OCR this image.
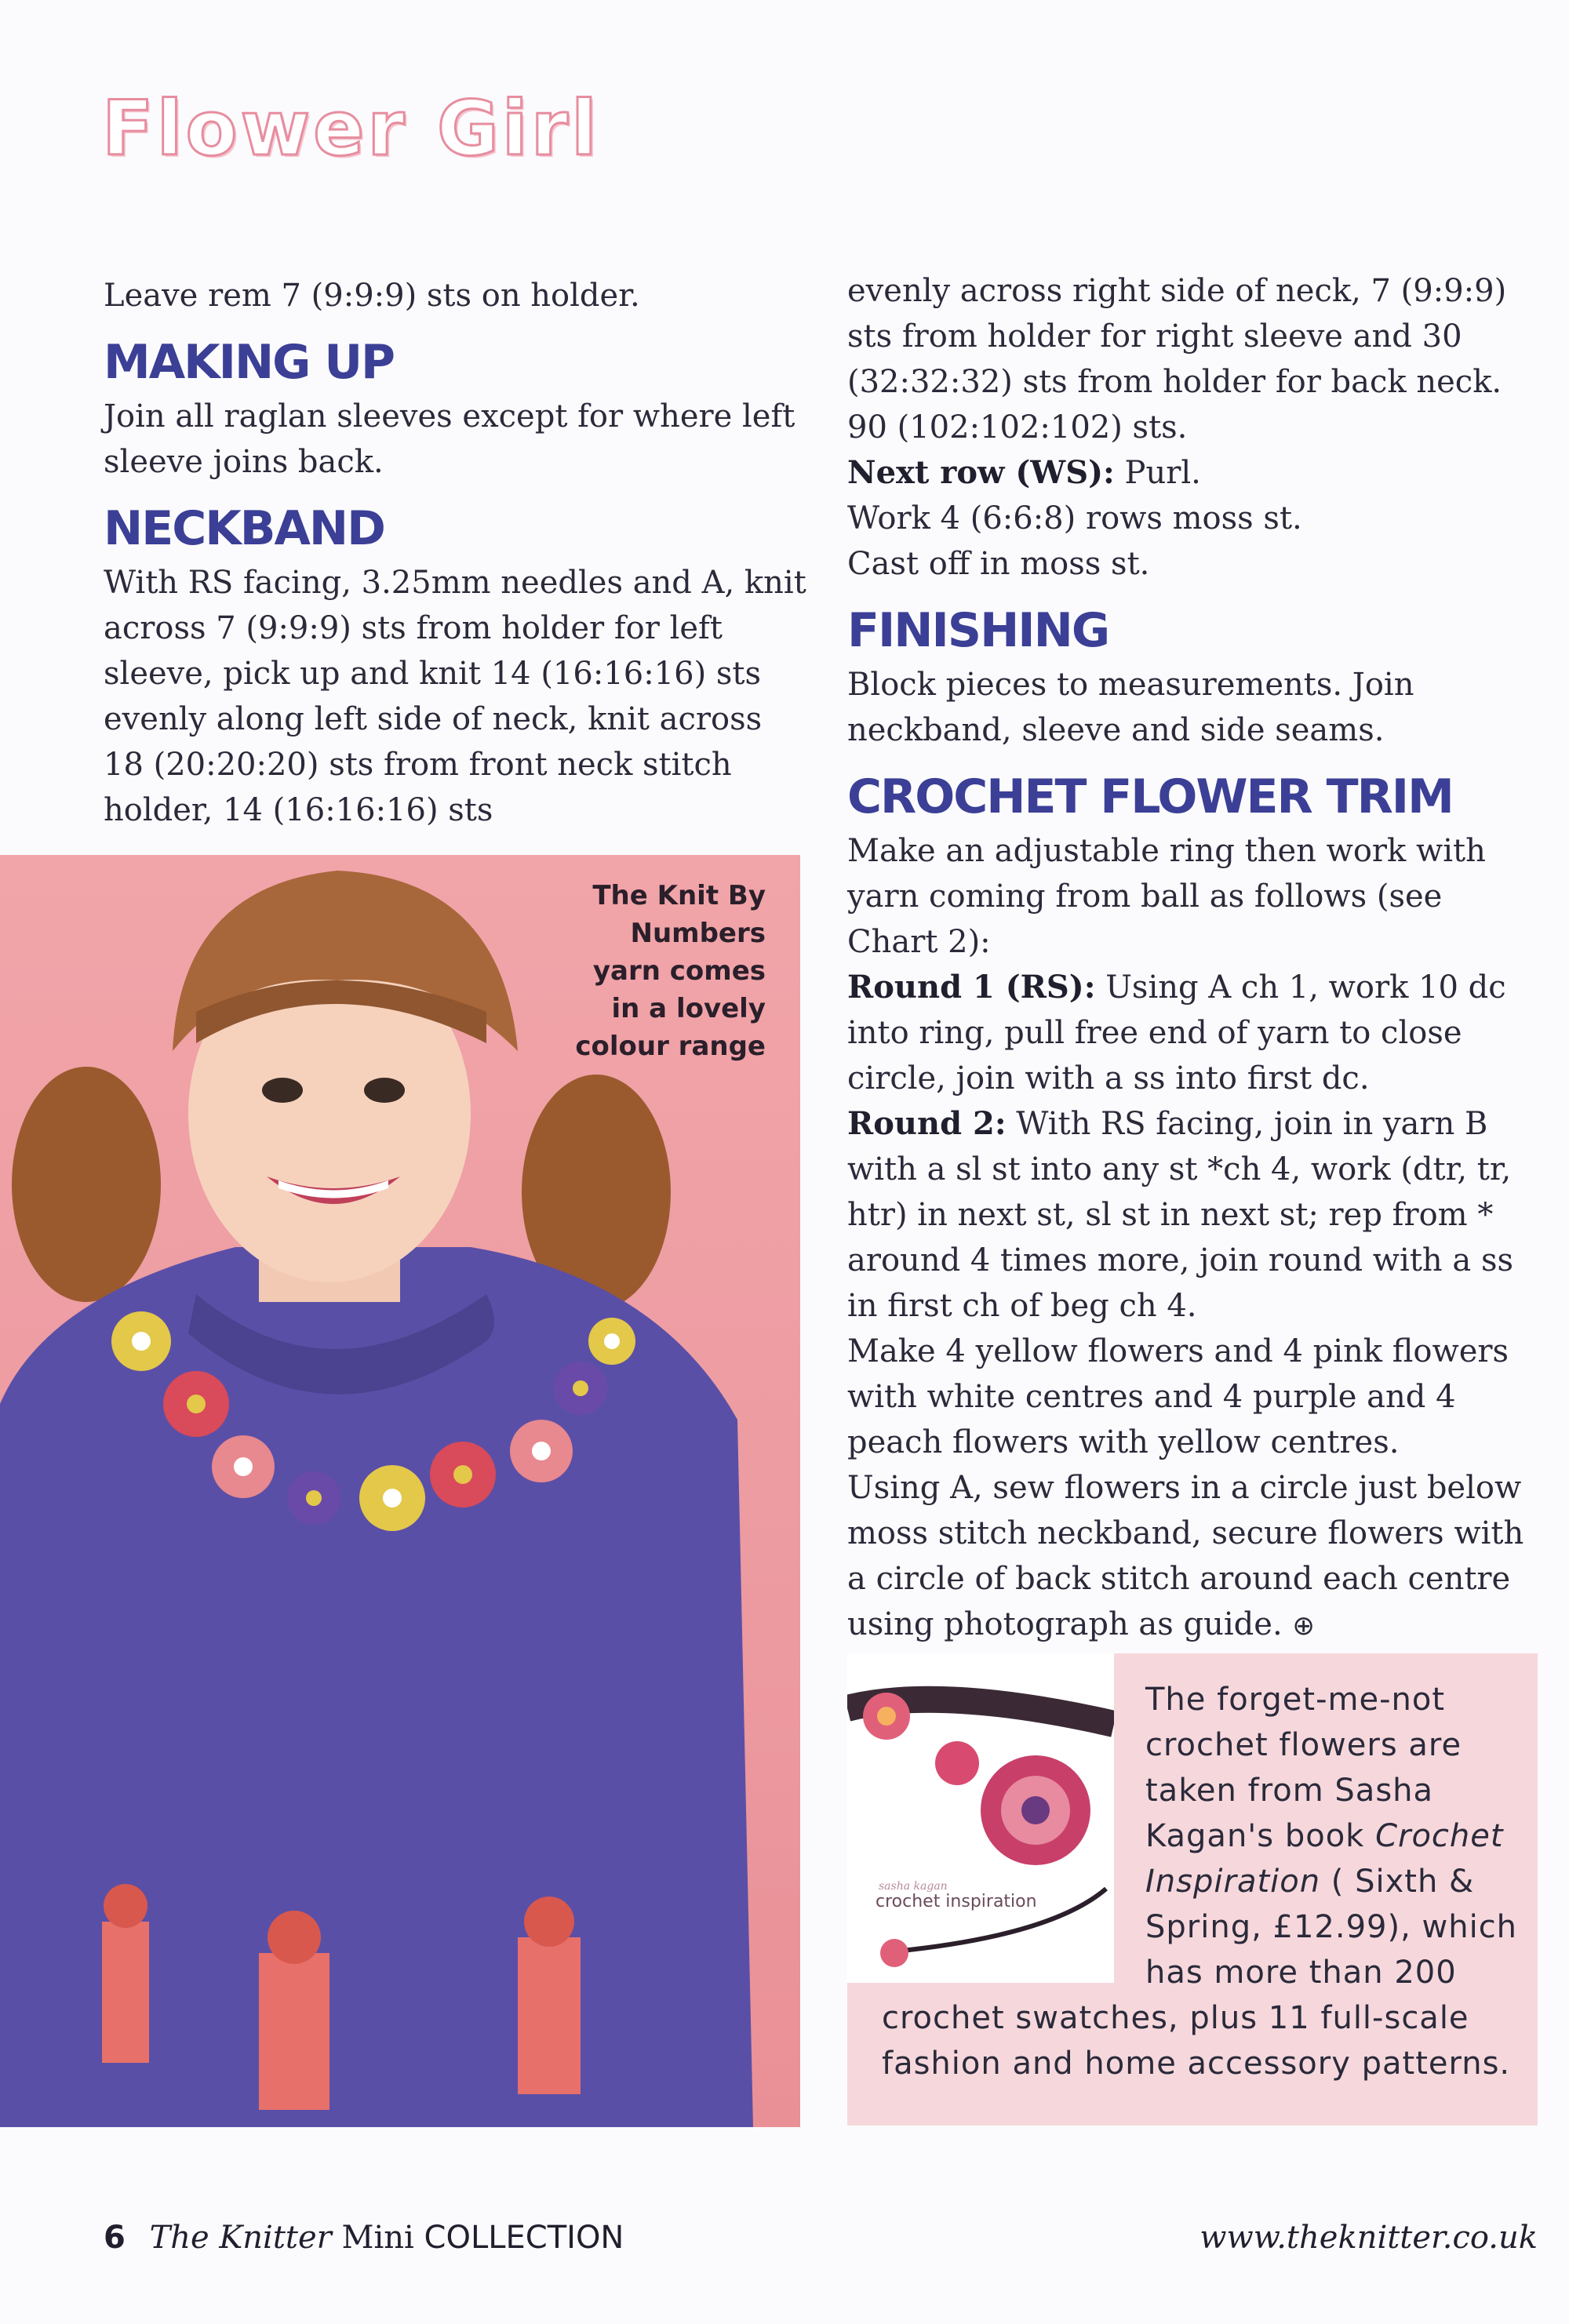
Flower Girl

Leave rem 7 (9:9:9) sts on holder.

MAKING UP

Join all raglan sleeves except for where left sleeve joins back.

NECKBAND

With RS facing, 3.25mm needles and A, knit across 7 (9:9:9) sts from holder for left sleeve, pick up and knit 14 (16:16:16) sts evenly along left side of neck, knit across 18 (20:20:20) sts from front neck stitch holder, 14 (16:16:16) sts

evenly across right side of neck, 7 (9:9:9) sts from holder for right sleeve and 30 (32:32:32) sts from holder for back neck.

90 (102:102:102) sts.

Next row (WS): Purl.

Work 4 (6:6:8) rows moss st.

Cast off in moss st.

FINISHING

Block pieces to measurements. Join neckband, sleeve and side seams.

CROCHET FLOWER TRIM

Make an adjustable ring then work with yarn coming from ball as follows (see Chart 2):

Round 1 (RS): Using A ch 1, work 10 dc into ring, pull free end of yarn to close circle, join with a ss into first dc.

Round 2: With RS facing, join in yarn B with a sl st into any st *ch 4, work (dtr, tr, htr) in next st, sl st in next st; rep from * around 4 times more, join round with a ss in first ch of beg ch 4.

Make 4 yellow flowers and 4 pink flowers with white centres and 4 purple and 4 peach flowers with yellow centres.

Using A, sew flowers in a circle just below moss stitch neckband, secure flowers with a circle of back stitch around each centre using photograph as guide. ⊕

The Knit By Numbers yarn comes in a lovely colour range
sasha kagan
crochet inspiration
The forget-me-not crochet flowers are taken from Sasha Kagan's book Crochet Inspiration ( Sixth & Spring, £12.99), which has more than 200 crochet swatches, plus 11 full-scale fashion and home accessory patterns.
6 The Knitter Mini COLLECTION	www.theknitter.co.uk
